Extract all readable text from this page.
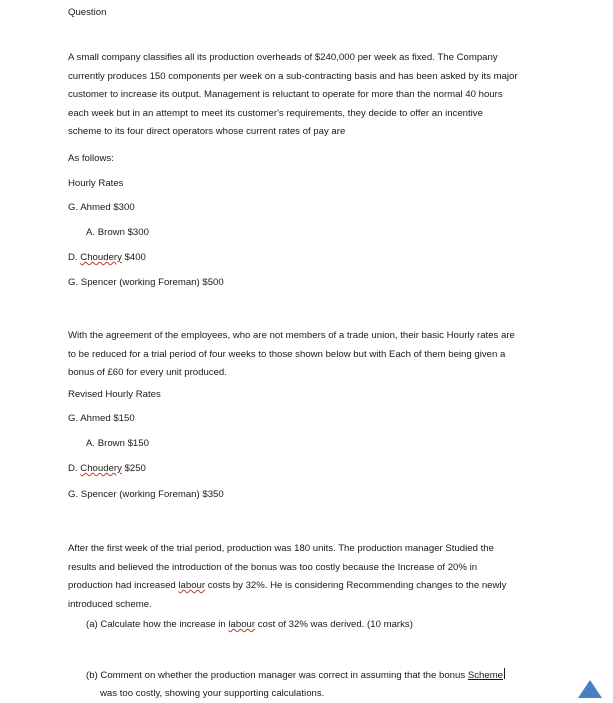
Question
A small company classifies all its production overheads of $240,000 per week as fixed. The Company
currently produces 150 components per week on a sub-contracting basis and has been asked by its major
customer to increase its output. Management is reluctant to operate for more than the normal 40 hours
each week but in an attempt to meet its customer's requirements, they decide to offer an incentive
scheme to its four direct operators whose current rates of pay are
As follows:
Hourly Rates
G. Ahmed $300
A. Brown $300
D. Choudery $400
G. Spencer (working Foreman) $500
With the agreement of the employees, who are not members of a trade union, their basic Hourly rates are
to be reduced for a trial period of four weeks to those shown below but with Each of them being given a
bonus of £60 for every unit produced.
Revised Hourly Rates
G. Ahmed $150
A. Brown $150
D. Choudery $250
G. Spencer (working Foreman) $350
After the first week of the trial period, production was 180 units. The production manager Studied the
results and believed the introduction of the bonus was too costly because the Increase of 20% in
production had increased labour costs by 32%. He is considering Recommending changes to the newly
introduced scheme.
(a) Calculate how the increase in labour cost of 32% was derived. (10 marks)
(b) Comment on whether the production manager was correct in assuming that the bonus Scheme
was too costly, showing your supporting calculations.
